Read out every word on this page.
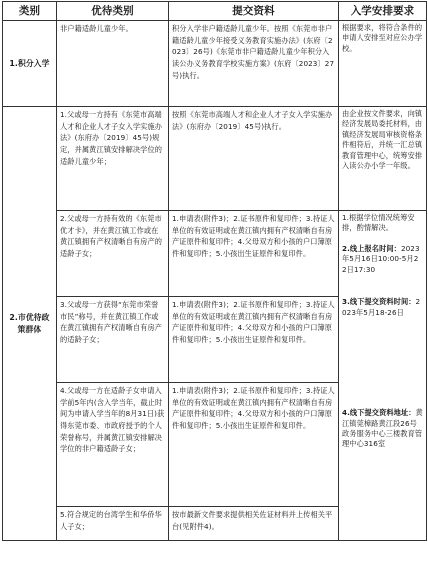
类别	优待类别	提交资料	入学安排要求
1.积分入学	非户籍适龄儿童少年。	积分入学非户籍适龄儿童少年。按照《东莞市非户籍适龄儿童少年接受义务教育实施办法》(东府〔2023〕26号)《东莞市非户籍适龄儿童少年积分入读公办义务教育学校实施方案》(东府〔2023〕27号)执行。	根据要求，将符合条件的申请人安排至对应公办学校。
2.市优待政策群体	1.父或母一方持有《东莞市高端人才和企业人才子女入学实施办法》(东府办〔2019〕45号)规定，并属黄江镇安排解决学位的适龄儿童少年；	按照《东莞市高端人才和企业人才子女入学实施办法》(东府办〔2019〕45号)执行。	由企业按文件要求，向镇经济发展局委托材料，由镇经济发展局审核资格条件相符后，并统一汇总镇教育管理中心，统筹安排入读公办小学一年级。
	2.父或母一方持有效的《东莞市优才卡》，并在黄江镇工作或在黄江镇拥有产权清晰自有房产的适龄子女；	1.申请表(附件3)；2.证书原件和复印件；3.持证人单位的有效证明或在黄江镇内拥有产权清晰自有房产证原件和复印件；4.父母双方和小孩的户口簿原件和复印件；5.小孩出生证原件和复印件。	1.根据学位情况统筹安排，酌情解决。
2.线上报名时间：2023年5月16日10:00-5月22日17:30
3.线下提交资料时间：2023年5月18-26日
4.线下提交资料地址：黄江镇莞樟路黄江段26号政务服务中心三楼教育管理中心316室

	3.父或母一方获得“东莞市荣誉市民”称号，并在黄江镇工作或在黄江镇拥有产权清晰自有房产的适龄子女；	1.申请表(附件3)；2.证书原件和复印件；3.持证人单位的有效证明或在黄江镇内拥有产权清晰自有房产证原件和复印件；4.父母双方和小孩的户口簿原件和复印件；5.小孩出生证原件和复印件。	
	4.父或母一方在适龄子女申请入学前5年内(含入学当年，截止时间为申请入学当年的8月31日)获得东莞市委、市政府授予的个人荣誉称号，并属黄江镇安排解决学位的非户籍适龄子女；	1.申请表(附件3)；2.证书原件和复印件；3.持证人单位的有效证明或在黄江镇内拥有产权清晰自有房产证原件和复印件；4.父母双方和小孩的户口簿原件和复印件；5.小孩出生证原件和复印件。	
	5.符合规定的台湾学生和华侨华人子女；	按市最新文件要求提供相关佐证材料并上传相关平台(见附件4)。	
